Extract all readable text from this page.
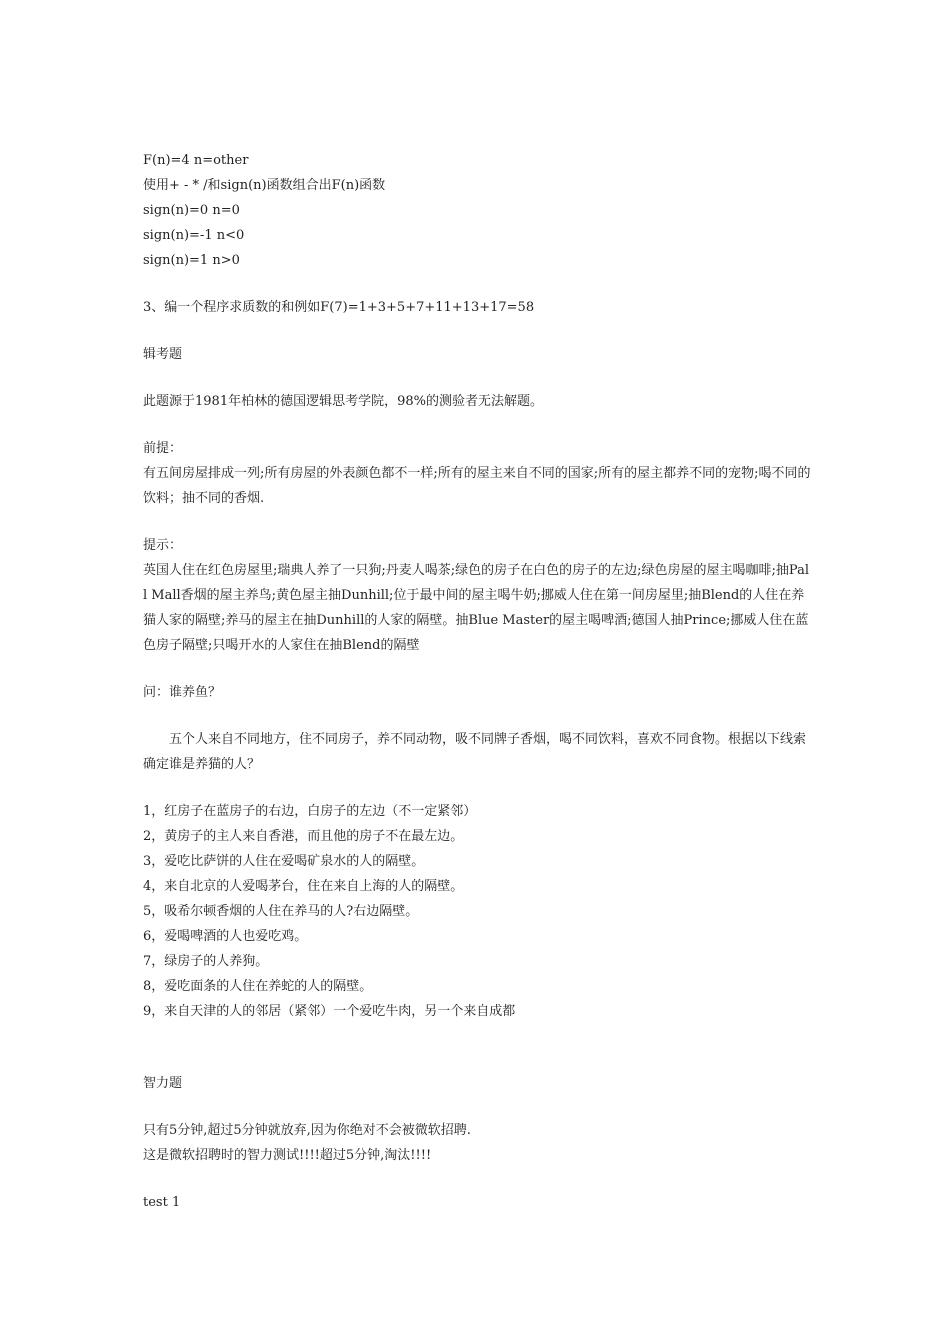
F(n)=4 n=other

使用+ - * /和sign(n)函数组合出F(n)函数

sign(n)=0 n=0

sign(n)=-1 n<0

sign(n)=1 n>0

3、编一个程序求质数的和例如F(7)=1+3+5+7+11+13+17=58

辑考题

此题源于1981年柏林的德国逻辑思考学院，98%的测验者无法解题。

前提：

有五间房屋排成一列;所有房屋的外表颜色都不一样;所有的屋主来自不同的国家;所有的屋主都养不同的宠物;喝不同的饮料；抽不同的香烟.

提示：

英国人住在红色房屋里;瑞典人养了一只狗;丹麦人喝茶;绿色的房子在白色的房子的左边;绿色房屋的屋主喝咖啡;抽Pall Mall香烟的屋主养鸟;黄色屋主抽Dunhill;位于最中间的屋主喝牛奶;挪威人住在第一间房屋里;抽Blend的人住在养猫人家的隔壁;养马的屋主在抽Dunhill的人家的隔壁。抽Blue Master的屋主喝啤酒;德国人抽Prince;挪威人住在蓝色房子隔壁;只喝开水的人家住在抽Blend的隔壁

问：谁养鱼？

五个人来自不同地方，住不同房子，养不同动物，吸不同牌子香烟，喝不同饮料，喜欢不同食物。根据以下线索确定谁是养猫的人？

1，红房子在蓝房子的右边，白房子的左边（不一定紧邻）

2，黄房子的主人来自香港，而且他的房子不在最左边。

3，爱吃比萨饼的人住在爱喝矿泉水的人的隔壁。

4，来自北京的人爱喝茅台，住在来自上海的人的隔壁。

5，吸希尔顿香烟的人住在养马的人?右边隔壁。

6，爱喝啤酒的人也爱吃鸡。

7，绿房子的人养狗。

8，爱吃面条的人住在养蛇的人的隔壁。

9，来自天津的人的邻居（紧邻）一个爱吃牛肉，另一个来自成都

智力题

只有5分钟,超过5分钟就放弃,因为你绝对不会被微软招聘.

这是微软招聘时的智力测试!!!!超过5分钟,淘汰!!!!

test 1
